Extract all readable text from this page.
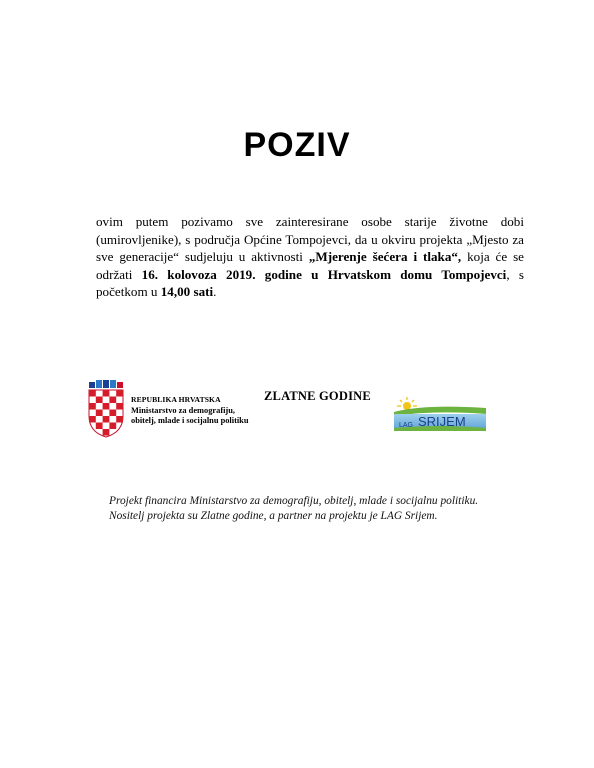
POZIV
ovim putem pozivamo sve zainteresirane osobe starije životne dobi (umirovljenike), s područja Općine Tompojevci, da u okviru projekta „Mjesto za sve generacije“ sudjeluju u aktivnosti „Mjerenje šećera i tlaka“, koja će se održati 16. kolovoza 2019. godine u Hrvatskom domu Tompojevci, s početkom u 14,00 sati.
REPUBLIKA HRVATSKA
Ministarstvo za demografiju,
obitelj, mlade i socijalnu politiku
ZLATNE GODINE
LAG SRIJEM
Projekt financira Ministarstvo za demografiju, obitelj, mlade i socijalnu politiku. Nositelj projekta su Zlatne godine, a partner na projektu je LAG Srijem.
